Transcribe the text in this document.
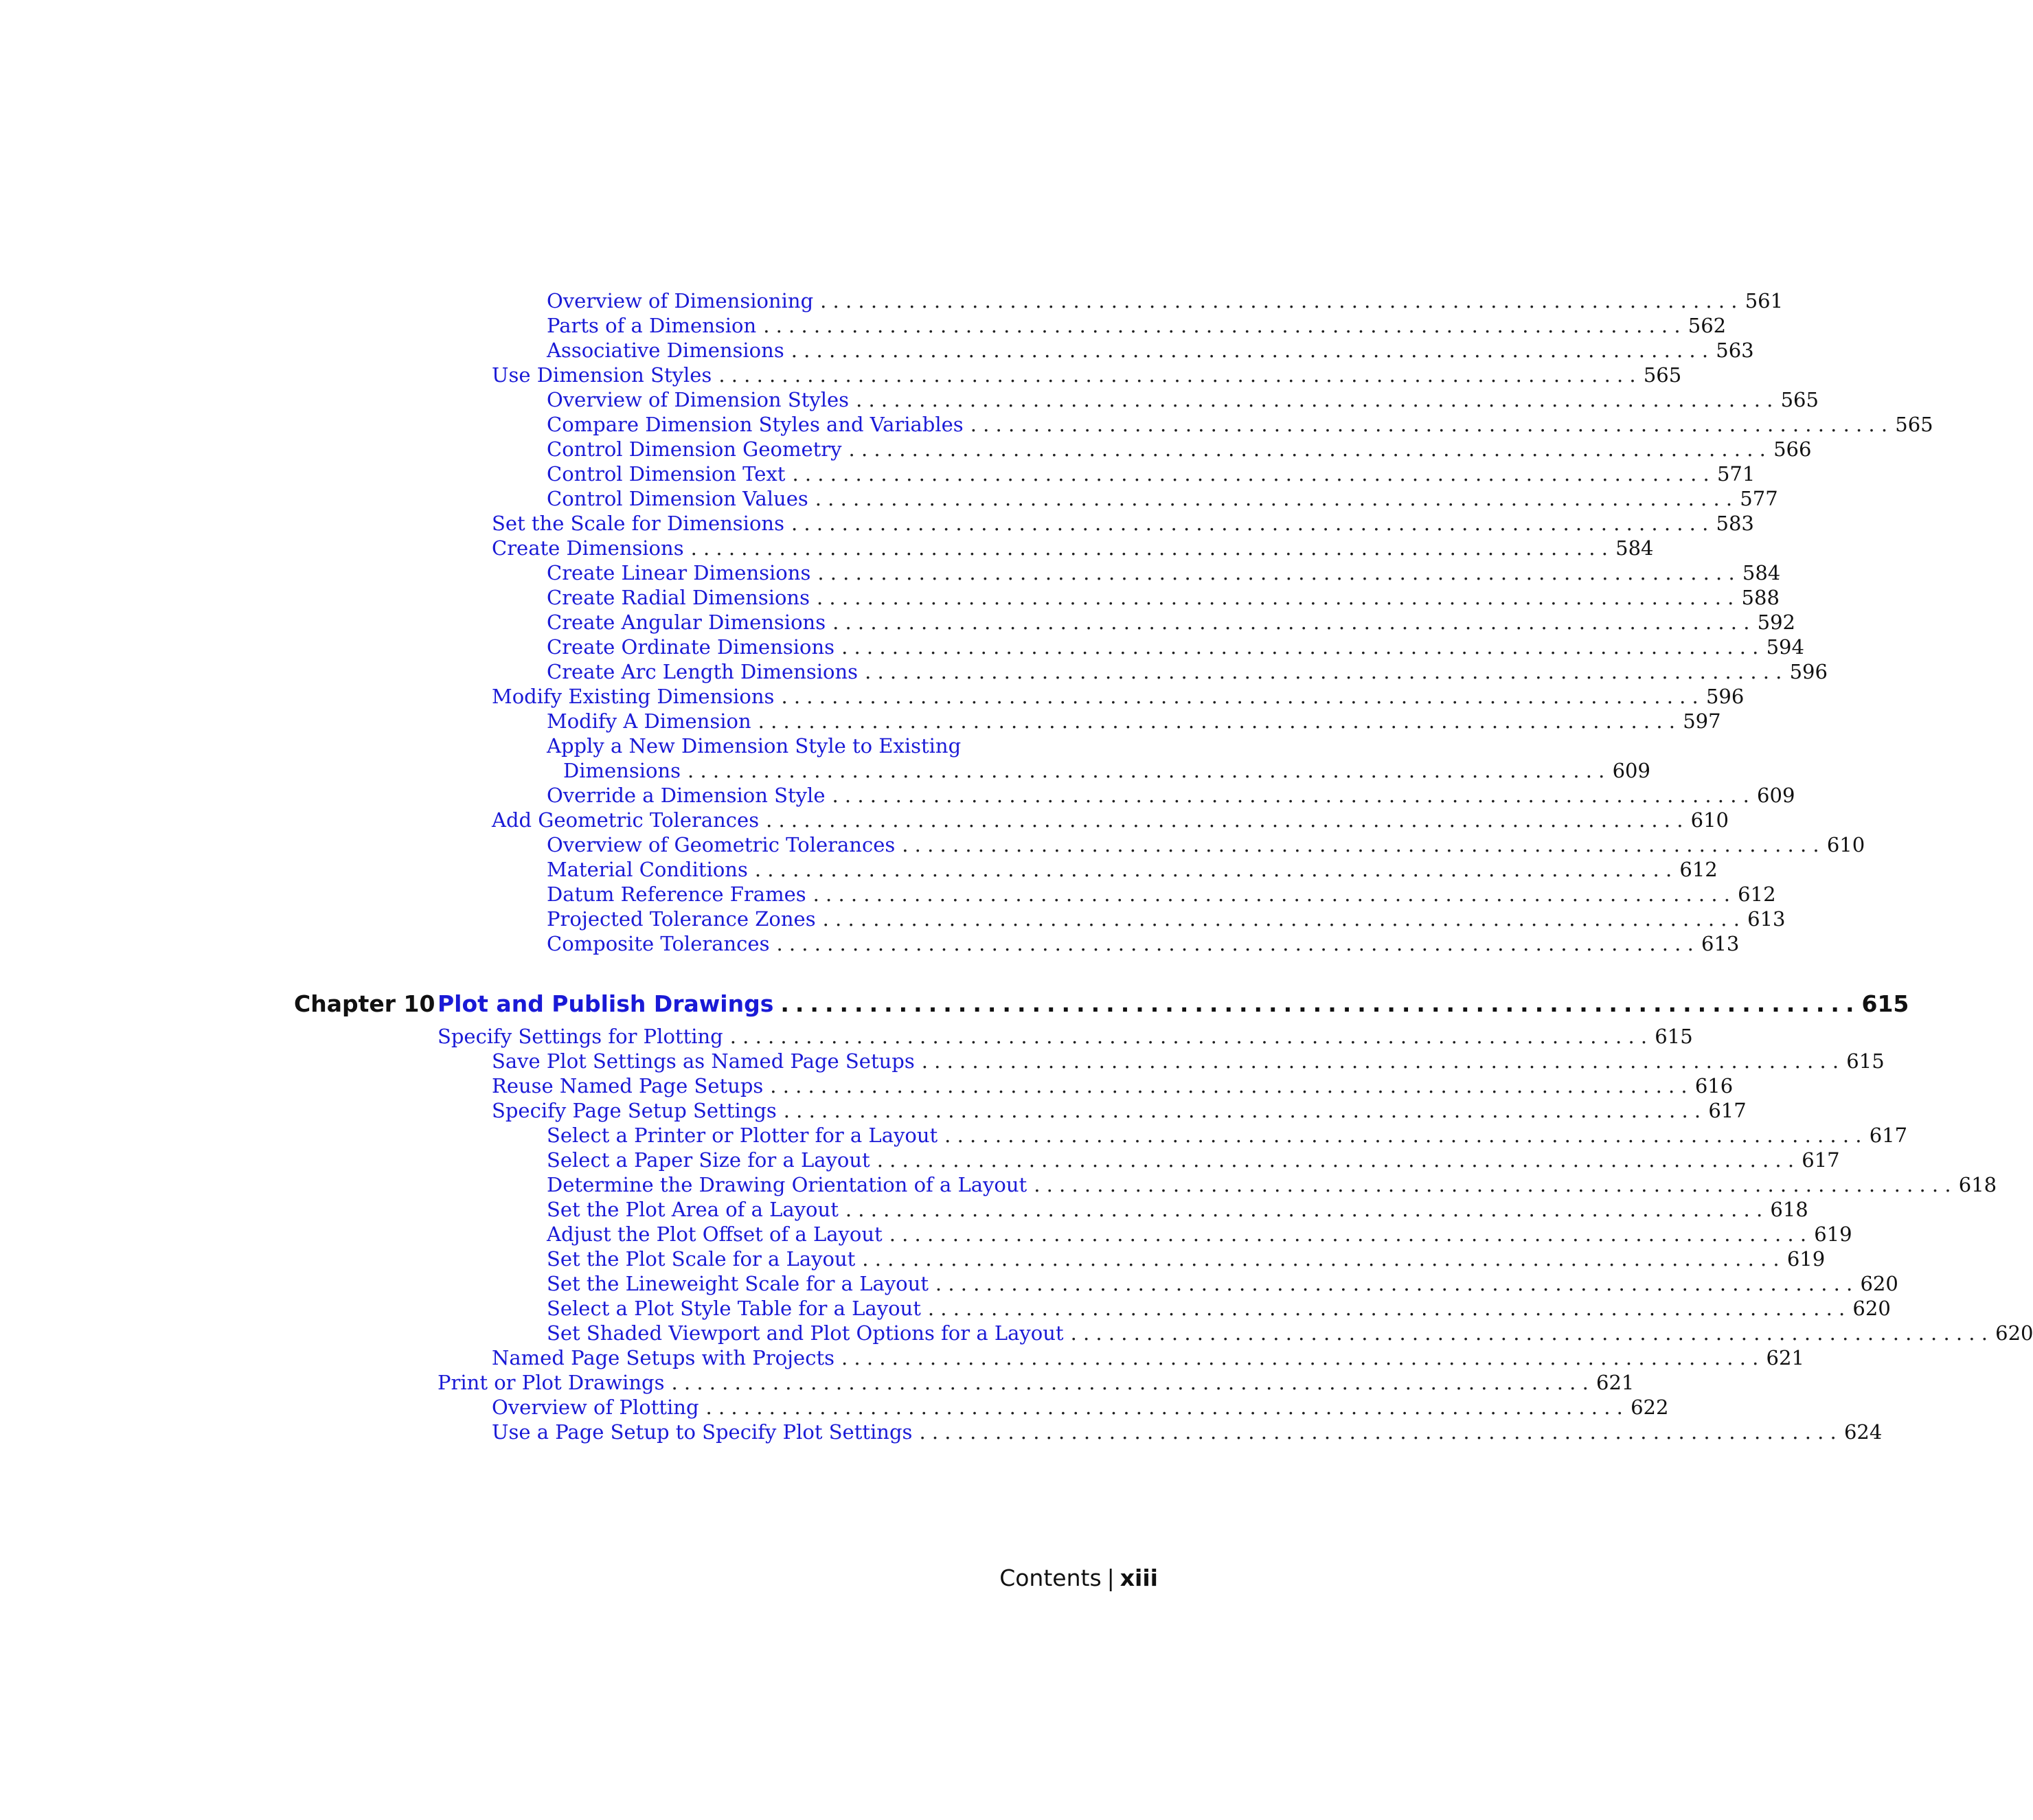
Overview of Dimensioning ......................................................................... 561
Parts of a Dimension ......................................................................... 562
Associative Dimensions ......................................................................... 563
Use Dimension Styles ......................................................................... 565
Overview of Dimension Styles ......................................................................... 565
Compare Dimension Styles and Variables ......................................................................... 565
Control Dimension Geometry ......................................................................... 566
Control Dimension Text ......................................................................... 571
Control Dimension Values ......................................................................... 577
Set the Scale for Dimensions ......................................................................... 583
Create Dimensions ......................................................................... 584
Create Linear Dimensions ......................................................................... 584
Create Radial Dimensions ......................................................................... 588
Create Angular Dimensions ......................................................................... 592
Create Ordinate Dimensions ......................................................................... 594
Create Arc Length Dimensions ......................................................................... 596
Modify Existing Dimensions ......................................................................... 596
Modify A Dimension ......................................................................... 597
Apply a New Dimension Style to Existing
Dimensions ......................................................................... 609
Override a Dimension Style ......................................................................... 609
Add Geometric Tolerances ......................................................................... 610
Overview of Geometric Tolerances ......................................................................... 610
Material Conditions ......................................................................... 612
Datum Reference Frames ......................................................................... 612
Projected Tolerance Zones ......................................................................... 613
Composite Tolerances ......................................................................... 613
Chapter 10 Plot and Publish Drawings ......................................................................... 615
Specify Settings for Plotting ......................................................................... 615
Save Plot Settings as Named Page Setups ......................................................................... 615
Reuse Named Page Setups ......................................................................... 616
Specify Page Setup Settings ......................................................................... 617
Select a Printer or Plotter for a Layout ......................................................................... 617
Select a Paper Size for a Layout ......................................................................... 617
Determine the Drawing Orientation of a Layout ......................................................................... 618
Set the Plot Area of a Layout ......................................................................... 618
Adjust the Plot Offset of a Layout ......................................................................... 619
Set the Plot Scale for a Layout ......................................................................... 619
Set the Lineweight Scale for a Layout ......................................................................... 620
Select a Plot Style Table for a Layout ......................................................................... 620
Set Shaded Viewport and Plot Options for a Layout ......................................................................... 620
Named Page Setups with Projects ......................................................................... 621
Print or Plot Drawings ......................................................................... 621
Overview of Plotting ......................................................................... 622
Use a Page Setup to Specify Plot Settings ......................................................................... 624
Contents | xiii
